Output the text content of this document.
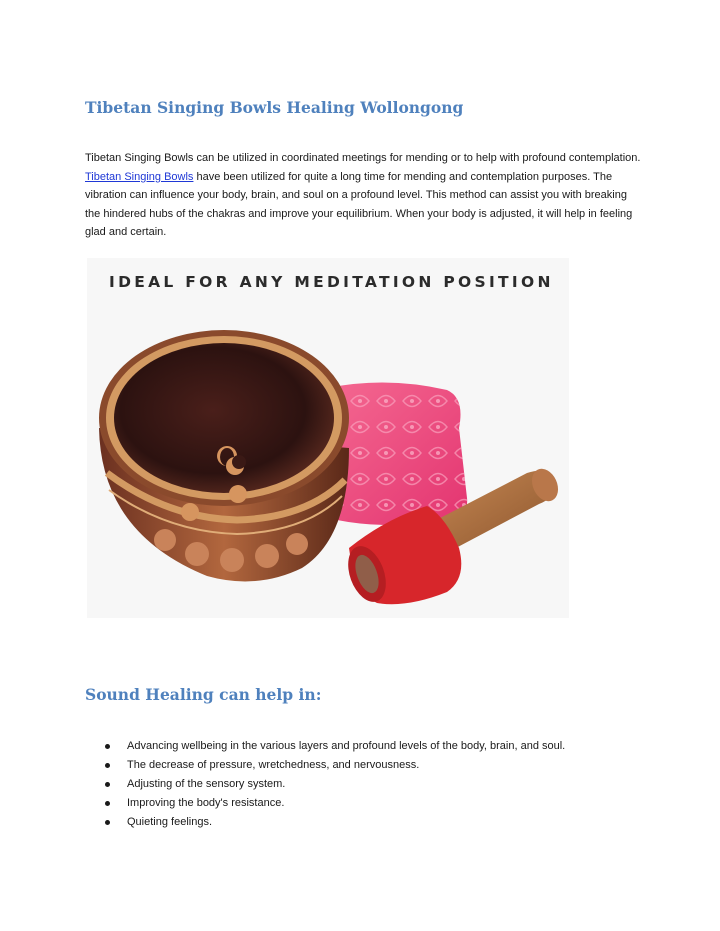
Tibetan Singing Bowls Healing Wollongong

Tibetan Singing Bowls can be utilized in coordinated meetings for mending or to help with profound contemplation. Tibetan Singing Bowls have been utilized for quite a long time for mending and contemplation purposes. The vibration can influence your body, brain, and soul on a profound level. This method can assist you with breaking the hindered hubs of the chakras and improve your equilibrium. When your body is adjusted, it will help in feeling glad and certain.

IDEAL FOR ANY MEDITATION POSITION

Sound Healing can help in:
Advancing wellbeing in the various layers and profound levels of the body, brain, and soul.
The decrease of pressure, wretchedness, and nervousness.
Adjusting of the sensory system.
Improving the body's resistance.
Quieting feelings.
